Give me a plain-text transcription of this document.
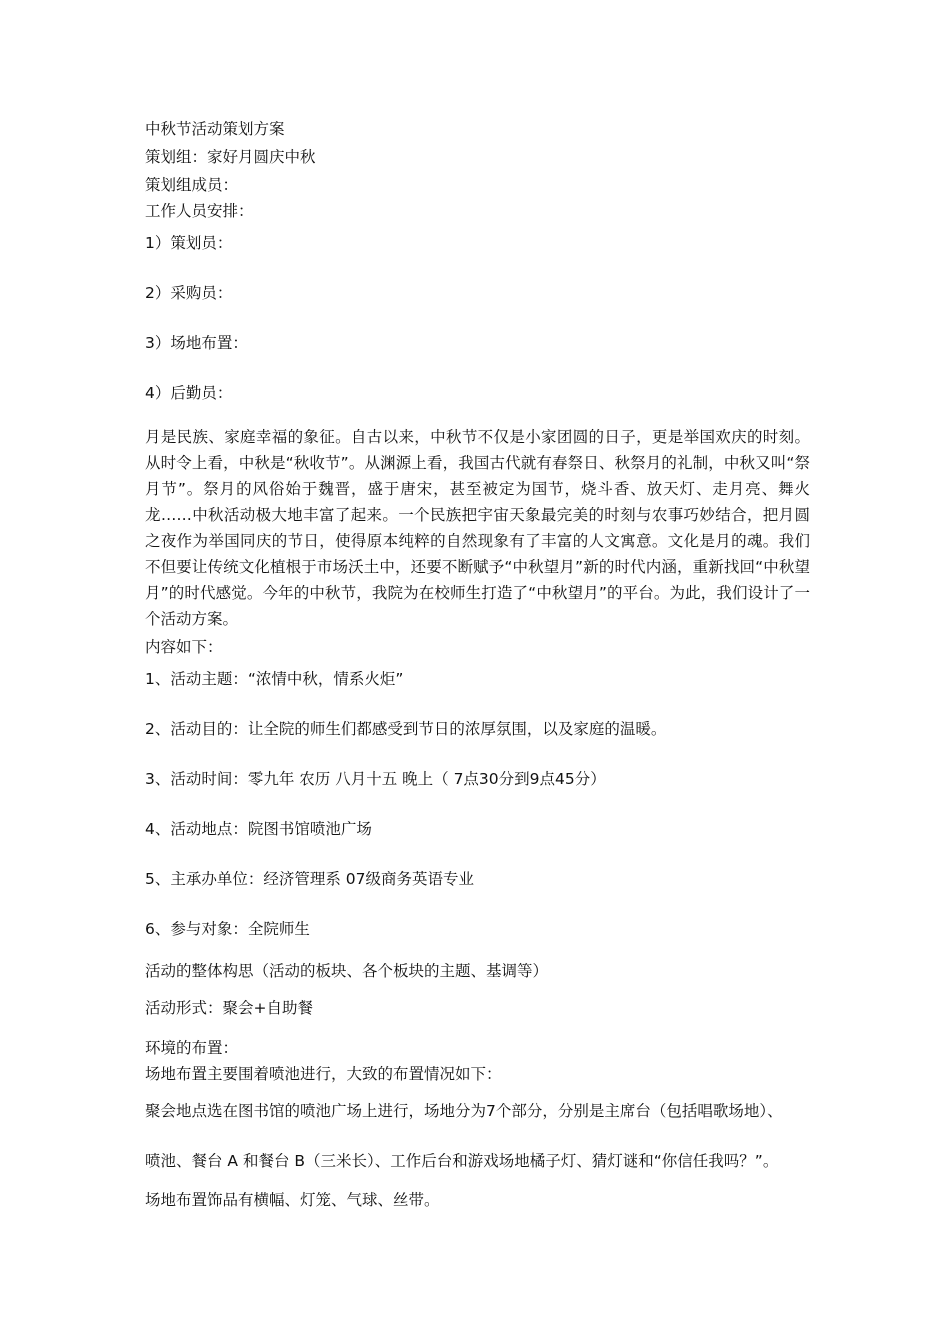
中秋节活动策划方案
策划组：家好月圆庆中秋
策划组成员：
工作人员安排：
1）策划员：
2）采购员：
3）场地布置：
4）后勤员：
月是民族、家庭幸福的象征。自古以来，中秋节不仅是小家团圆的日子，更是举国欢庆的时刻。从时令上看，中秋是“秋收节”。从渊源上看，我国古代就有春祭日、秋祭月的礼制，中秋又叫“祭月节”。祭月的风俗始于魏晋，盛于唐宋，甚至被定为国节，烧斗香、放天灯、走月亮、舞火龙……中秋活动极大地丰富了起来。一个民族把宇宙天象最完美的时刻与农事巧妙结合，把月圆之夜作为举国同庆的节日，使得原本纯粹的自然现象有了丰富的人文寓意。文化是月的魂。我们不但要让传统文化植根于市场沃土中，还要不断赋予“中秋望月”新的时代内涵，重新找回“中秋望月”的时代感觉。今年的中秋节，我院为在校师生打造了“中秋望月”的平台。为此，我们设计了一个活动方案。
内容如下：
1、活动主题：“浓情中秋，情系火炬”
2、活动目的：让全院的师生们都感受到节日的浓厚氛围，以及家庭的温暖。
3、活动时间：零九年 农历 八月十五 晚上（ 7点30分到9点45分）
4、活动地点：院图书馆喷池广场
5、主承办单位：经济管理系 07级商务英语专业
6、参与对象：全院师生
活动的整体构思（活动的板块、各个板块的主题、基调等）
活动形式：聚会+自助餐
环境的布置：
场地布置主要围着喷池进行，大致的布置情况如下：
聚会地点选在图书馆的喷池广场上进行，场地分为7个部分，分别是主席台（包括唱歌场地）、
喷池、餐台 A 和餐台 B（三米长）、工作后台和游戏场地橘子灯、猜灯谜和“你信任我吗？”。
场地布置饰品有横幅、灯笼、气球、丝带。
